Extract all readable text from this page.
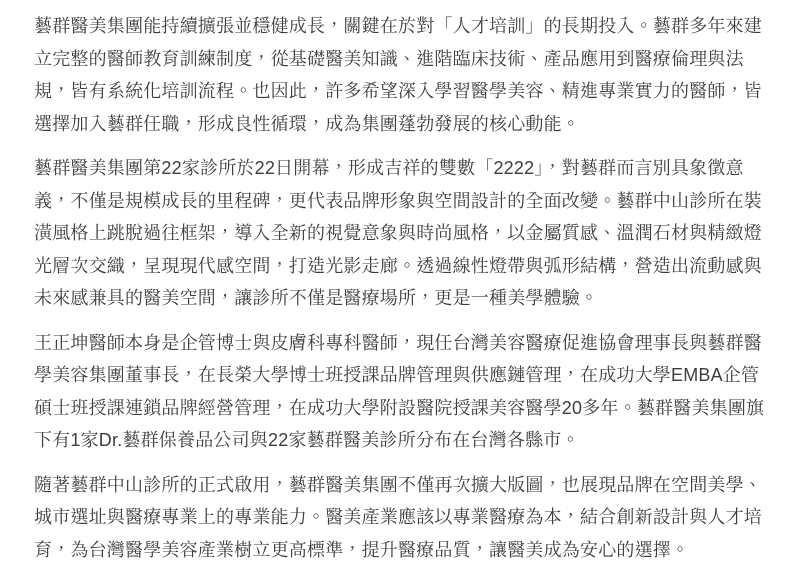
藝群醫美集團能持續擴張並穩健成長，關鍵在於對「人才培訓」的長期投入。藝群多年來建立完整的醫師教育訓練制度，從基礎醫美知識、進階臨床技術、產品應用到醫療倫理與法規，皆有系統化培訓流程。也因此，許多希望深入學習醫學美容、精進專業實力的醫師，皆選擇加入藝群任職，形成良性循環，成為集團蓬勃發展的核心動能。

藝群醫美集團第22家診所於22日開幕，形成吉祥的雙數「2222」，對藝群而言別具象徵意義，不僅是規模成長的里程碑，更代表品牌形象與空間設計的全面改變。藝群中山診所在裝潢風格上跳脫過往框架，導入全新的視覺意象與時尚風格，以金屬質感、溫潤石材與精緻燈光層次交織，呈現現代感空間，打造光影走廊。透過線性燈帶與弧形結構，營造出流動感與未來感兼具的醫美空間，讓診所不僅是醫療場所，更是一種美學體驗。

王正坤醫師本身是企管博士與皮膚科專科醫師，現任台灣美容醫療促進協會理事長與藝群醫學美容集團董事長，在長榮大學博士班授課品牌管理與供應鏈管理，在成功大學EMBA企管碩士班授課連鎖品牌經營管理，在成功大學附設醫院授課美容醫學20多年。藝群醫美集團旗下有1家Dr.藝群保養品公司與22家藝群醫美診所分布在台灣各縣市。

隨著藝群中山診所的正式啟用，藝群醫美集團不僅再次擴大版圖，也展現品牌在空間美學、城市選址與醫療專業上的專業能力。醫美產業應該以專業醫療為本，結合創新設計與人才培育，為台灣醫學美容產業樹立更高標準，提升醫療品質，讓醫美成為安心的選擇。
